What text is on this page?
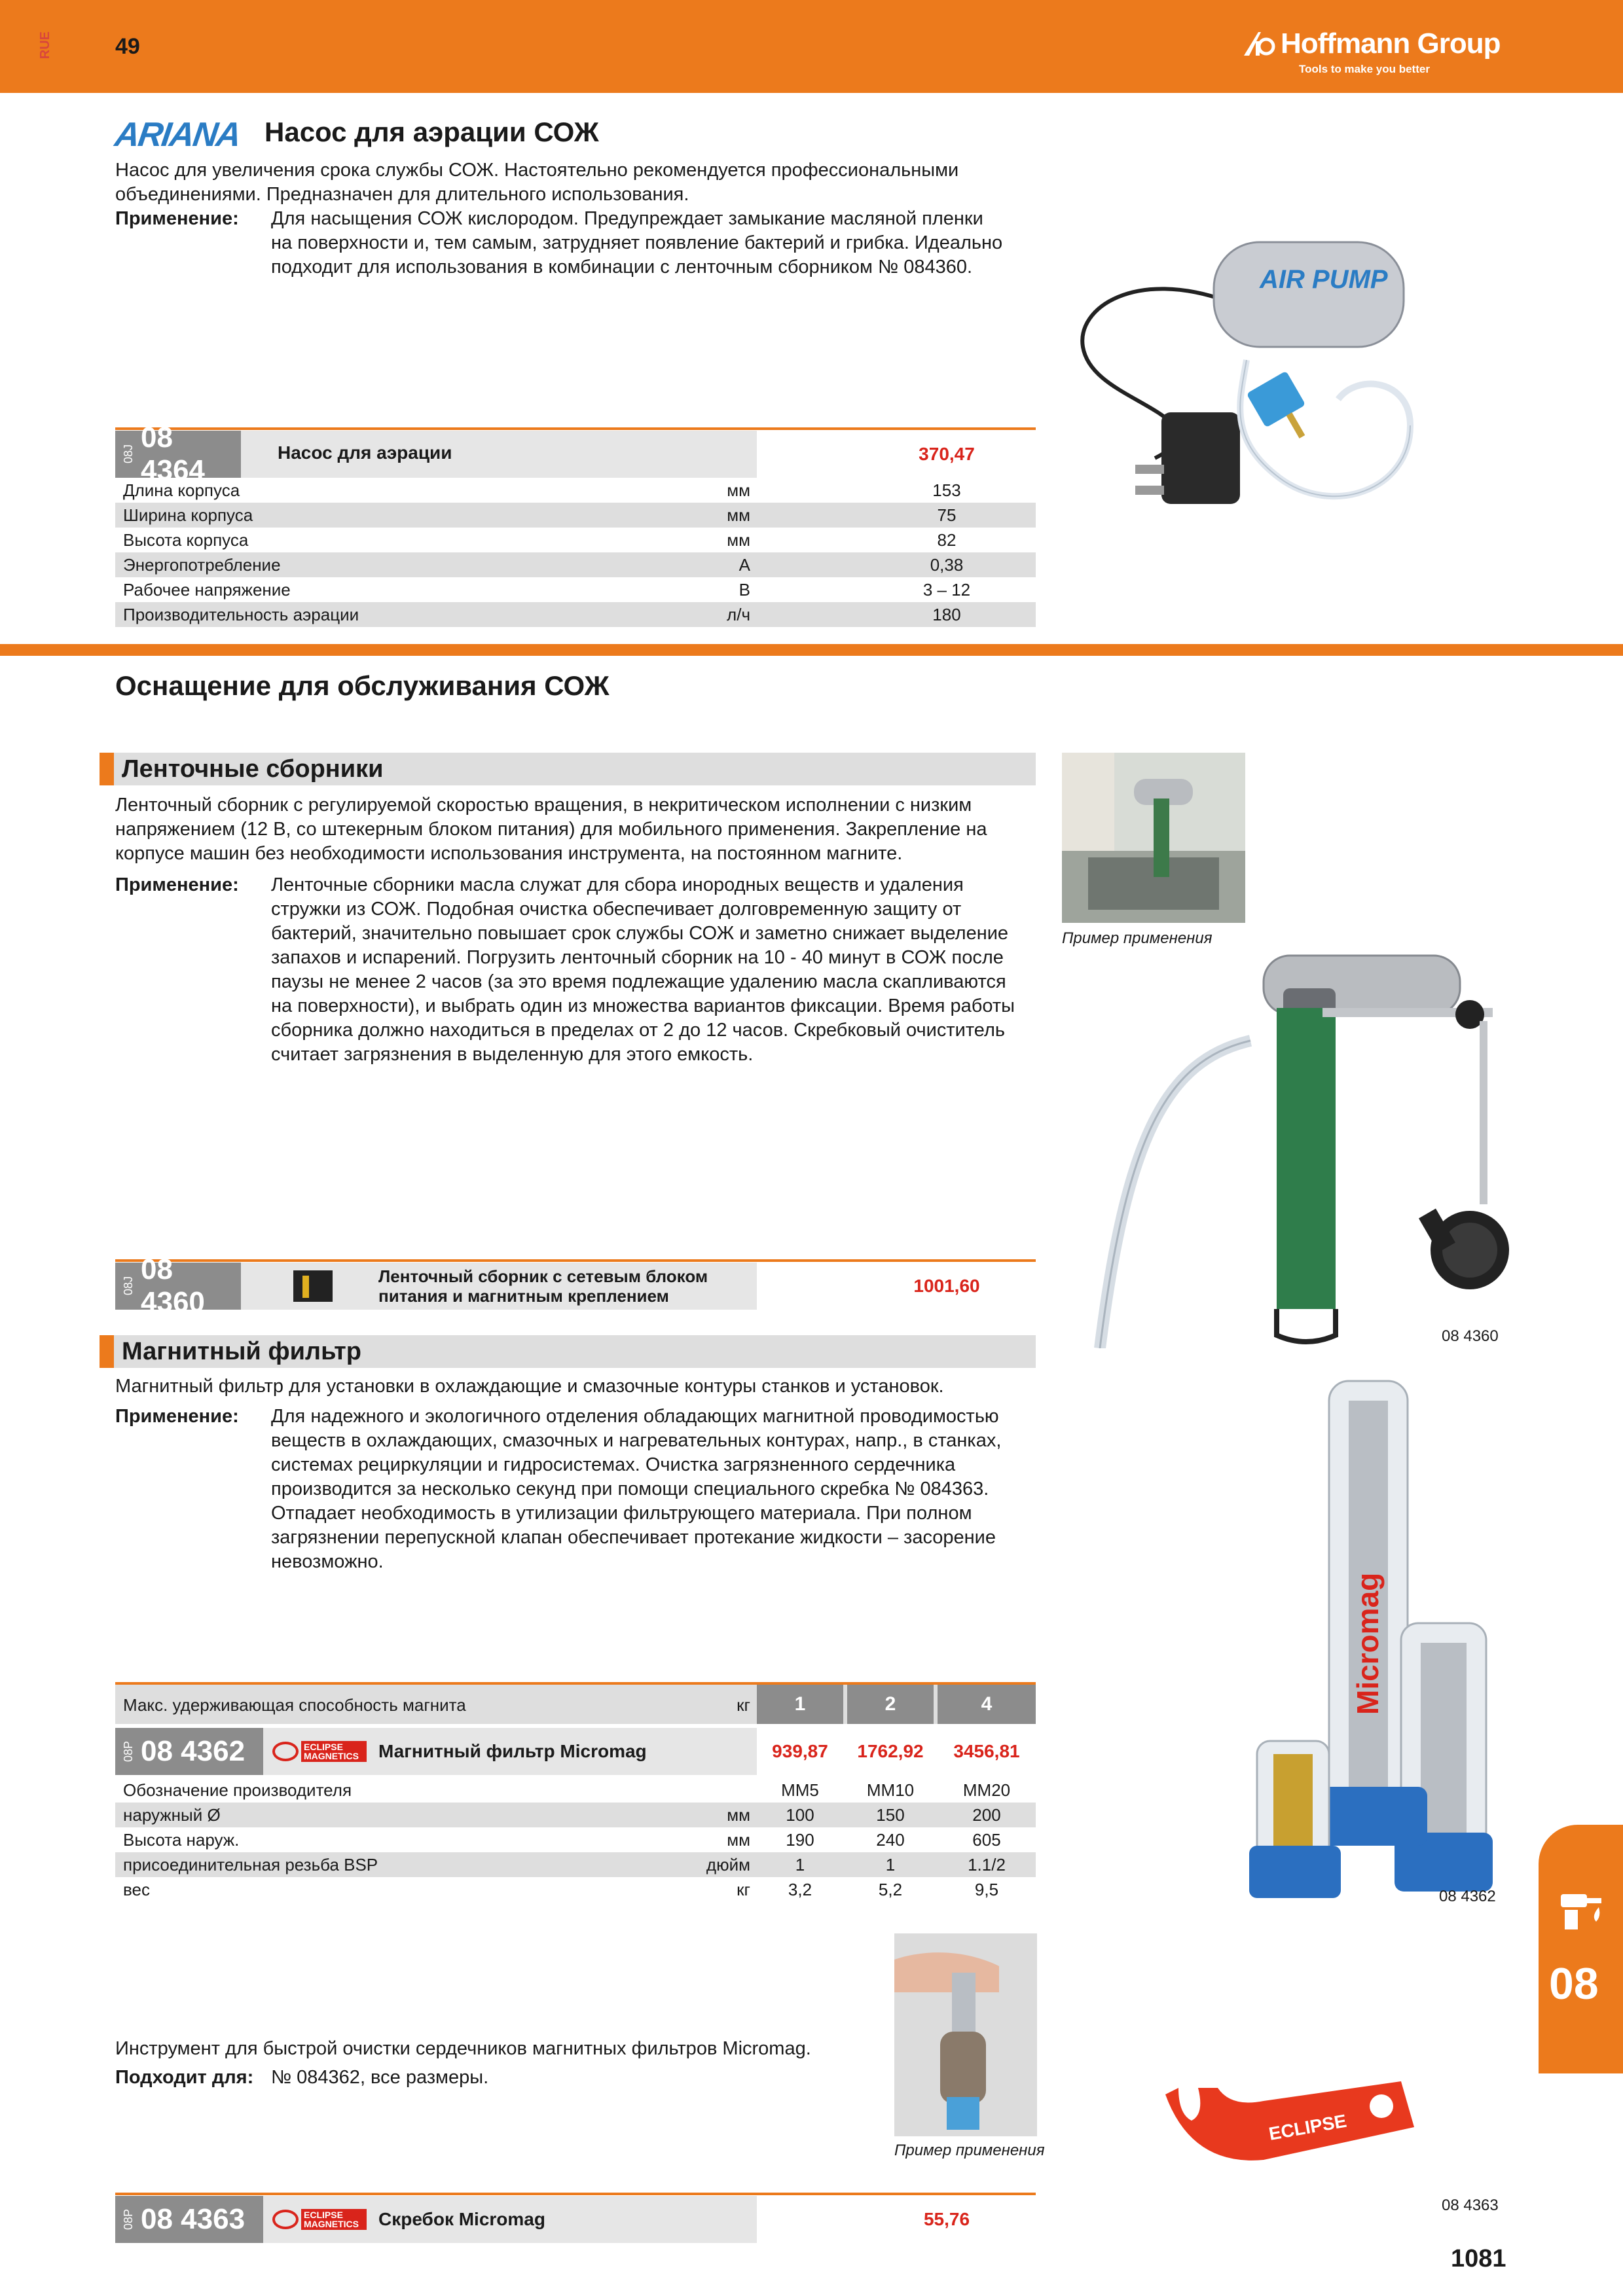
RUE	49	Hoffmann Group
Tools to make you better
ARIANA Насос для аэрации СОЖ
Насос для увеличения срока службы СОЖ. Настоятельно рекомендуется профессиональными
объединениями. Предназначен для длительного использования.
Применение: Для насыщения СОЖ кислородом. Предупреждает замыкание масляной пленки
на поверхности и, тем самым, затрудняет появление бактерий и грибка. Идеально
подходит для использования в комбинации с ленточным сборником № 084360.	AIR PUMP
08J
08 4364
Насос для аэрации	370,47
Длина корпуса	мм	153
Ширина корпуса	мм	75
Высота корпуса	мм	82
Энергопотребление	A	0,38
Рабочее напряжение	B	3 – 12
Производительность аэрации	л/ч	180
Оснащение для обслуживания СОЖ
Ленточные сборники
Ленточный сборник с регулируемой скоростью вращения, в некритическом исполнении с низким
напряжением (12 В, со штекерным блоком питания) для мобильного применения. Закрепление на
корпусе машин без необходимости использования инструмента, на постоянном магните.
Применение: Ленточные сборники масла служат для сбора инородных веществ и удаления
стружки из СОЖ. Подобная очистка обеспечивает долговременную защиту от
бактерий, значительно повышает срок службы СОЖ и заметно снижает выделение
запахов и испарений. Погрузить ленточный сборник на 10 - 40 минут в СОЖ после
паузы не менее 2 часов (за это время подлежащие удалению масла скапливаются
на поверхности), и выбрать один из множества вариантов фиксации. Время работы
сборника должно находиться в пределах от 2 до 12 часов. Скребковый очиститель
считает загрязнения в выделенную для этого емкость.
Пример применения
08 4360
08J
08 4360
Ленточный сборник с сетевым блоком питания и магнитным креплением	1001,60
Магнитный фильтр
Магнитный фильтр для установки в охлаждающие и смазочные контуры станков и установок.
Применение: Для надежного и экологичного отделения обладающих магнитной проводимостью
веществ в охлаждающих, смазочных и нагревательных контурах, напр., в станках,
системах рециркуляции и гидросистемах. Очистка загрязненного сердечника
производится за несколько секунд при помощи специального скребка № 084363.
Отпадает необходимость в утилизации фильтрующего материала. При полном
загрязнении перепускной клапан обеспечивает протекание жидкости – засорение
невозможно.
Micromag
08 4362
Макс. удерживающая способность магнита	кг	1	2	4
08P 08 4362	ECLIPSE MAGNETICS	Магнитный фильтр Micromag	939,87	1762,92	3456,81
Обозначение производителя	MM5	MM10	MM20
наружный Ø	мм	100	150	200
Высота наруж.	мм	190	240	605
присоединительная резьба BSP	дюйм	1	1	1.1/2
вес	кг	3,2	5,2	9,5
Пример применения
Инструмент для быстрой очистки сердечников магнитных фильтров Micromag.
Подходит для: № 084362, все размеры.
ECLIPSE
08 4363
08P 08 4363	ECLIPSE MAGNETICS	Скребок Micromag	55,76
08
1081
